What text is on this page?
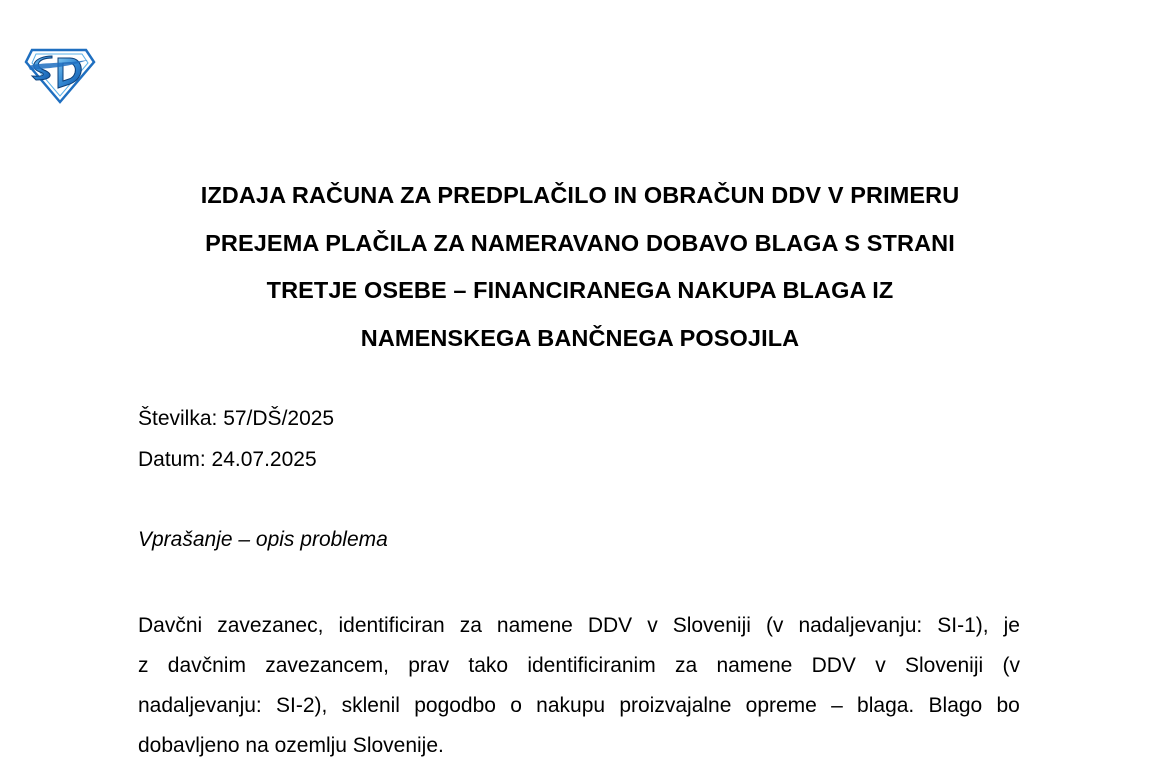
IZDAJA RAČUNA ZA PREDPLAČILO IN OBRAČUN DDV V PRIMERU
PREJEMA PLAČILA ZA NAMERAVANO DOBAVO BLAGA S STRANI
TRETJE OSEBE – FINANCIRANEGA NAKUPA BLAGA IZ
NAMENSKEGA BANČNEGA POSOJILA
Številka: 57/DŠ/2025
Datum: 24.07.2025
Vprašanje – opis problema
Davčni zavezanec, identificiran za namene DDV v Sloveniji (v nadaljevanju: SI-1), je
z davčnim zavezancem, prav tako identificiranim za namene DDV v Sloveniji (v
nadaljevanju: SI-2), sklenil pogodbo o nakupu proizvajalne opreme – blaga. Blago bo
dobavljeno na ozemlju Slovenije.
